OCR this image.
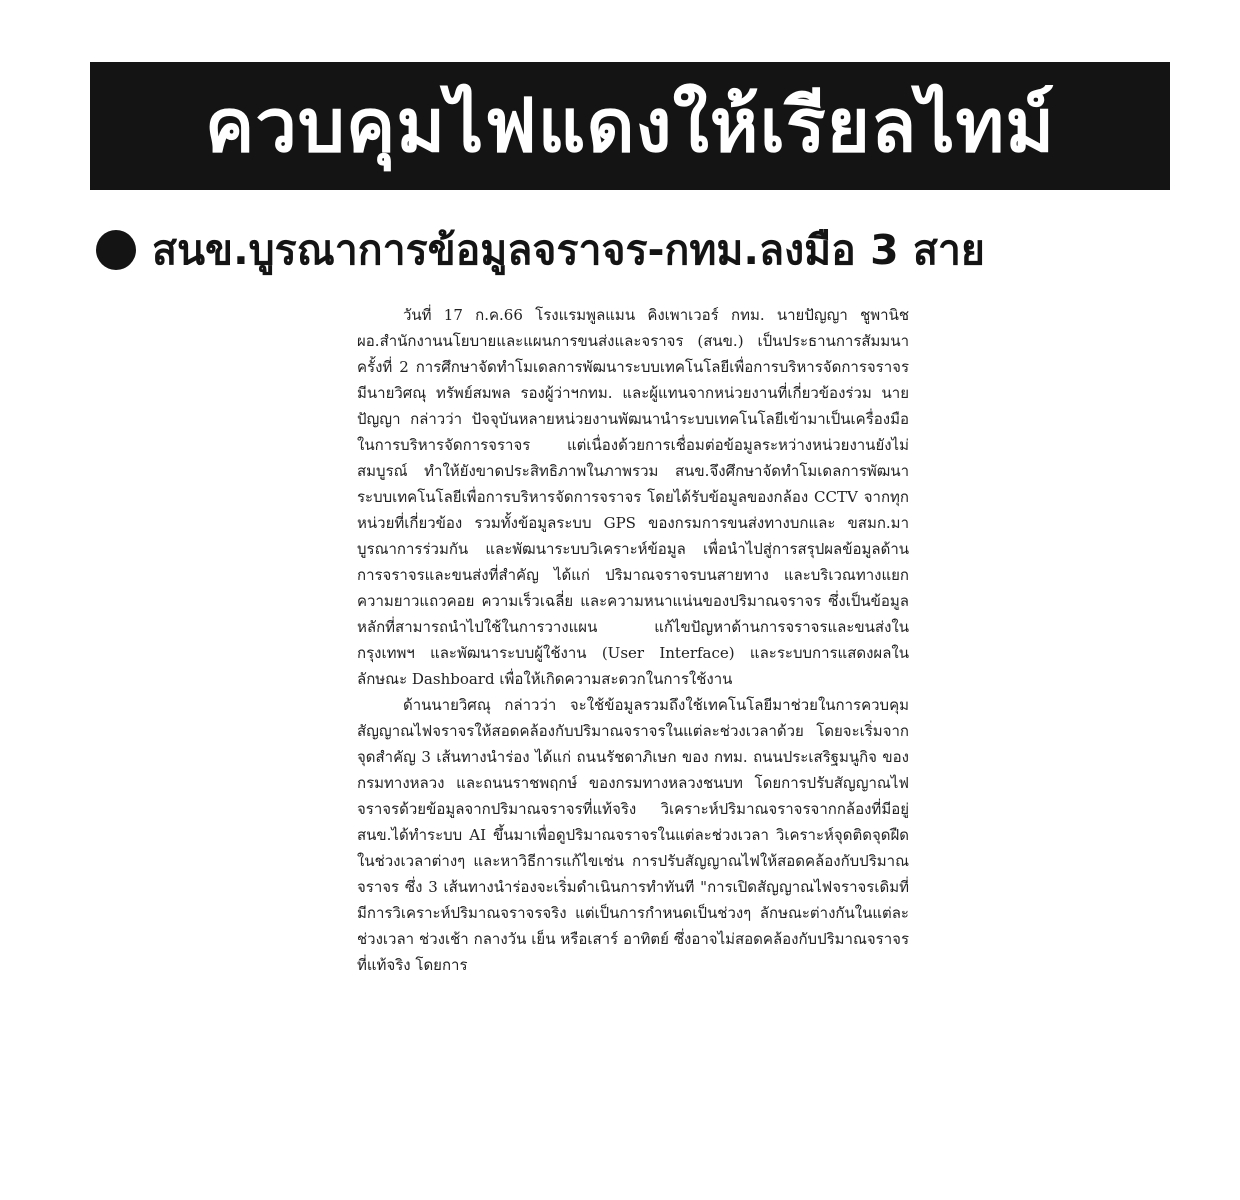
ควบคุมไฟแดงให้เรียลไทม์
สนข.บูรณาการข้อมูลจราจร-กทม.ลงมือ 3 สาย

วันที่ 17 ก.ค.66 โรงแรมพูลแมน คิงเพาเวอร์ กทม. นายปัญญา ชูพานิช ผอ.สำนักงานนโยบายและแผนการขนส่งและจราจร (สนข.) เป็นประธานการสัมมนาครั้งที่ 2 การศึกษาจัดทำโมเดลการพัฒนาระบบเทคโนโลยีเพื่อการบริหารจัดการจราจร มีนายวิศณุ ทรัพย์สมพล รองผู้ว่าฯกทม. และผู้แทนจากหน่วยงานที่เกี่ยวข้องร่วม นายปัญญา กล่าวว่า ปัจจุบันหลายหน่วยงานพัฒนานำระบบเทคโนโลยีเข้ามาเป็นเครื่องมือในการบริหารจัดการจราจร แต่เนื่องด้วยการเชื่อมต่อข้อมูลระหว่างหน่วยงานยังไม่สมบูรณ์ ทำให้ยังขาดประสิทธิภาพในภาพรวม สนข.จึงศึกษาจัดทำโมเดลการพัฒนาระบบเทคโนโลยีเพื่อการบริหารจัดการจราจร โดยได้รับข้อมูลของกล้อง CCTV จากทุกหน่วยที่เกี่ยวข้อง รวมทั้งข้อมูลระบบ GPS ของกรมการขนส่งทางบกและ ขสมก.มาบูรณาการร่วมกัน และพัฒนาระบบวิเคราะห์ข้อมูล เพื่อนำไปสู่การสรุปผลข้อมูลด้านการจราจรและขนส่งที่สำคัญ ได้แก่ ปริมาณจราจรบนสายทาง และบริเวณทางแยกความยาวแถวคอย ความเร็วเฉลี่ย และความหนาแน่นของปริมาณจราจร ซึ่งเป็นข้อมูลหลักที่สามารถนำไปใช้ในการวางแผน แก้ไขปัญหาด้านการจราจรและขนส่งในกรุงเทพฯ และพัฒนาระบบผู้ใช้งาน (User Interface) และระบบการแสดงผลในลักษณะ Dashboard เพื่อให้เกิดความสะดวกในการใช้งาน

ด้านนายวิศณุ กล่าวว่า จะใช้ข้อมูลรวมถึงใช้เทคโนโลยีมาช่วยในการควบคุมสัญญาณไฟจราจรให้สอดคล้องกับปริมาณจราจรในแต่ละช่วงเวลาด้วย โดยจะเริ่มจากจุดสำคัญ 3 เส้นทางนำร่อง ได้แก่ ถนนรัชดาภิเษก ของ กทม. ถนนประเสริฐมนูกิจ ของกรมทางหลวง และถนนราชพฤกษ์ ของกรมทางหลวงชนบท โดยการปรับสัญญาณไฟจราจรด้วยข้อมูลจากปริมาณจราจรที่แท้จริง วิเคราะห์ปริมาณจราจรจากกล้องที่มีอยู่ สนข.ได้ทำระบบ AI ขึ้นมาเพื่อดูปริมาณจราจรในแต่ละช่วงเวลา วิเคราะห์จุดติดจุดฝืดในช่วงเวลาต่างๆ และหาวิธีการแก้ไขเช่น การปรับสัญญาณไฟให้สอดคล้องกับปริมาณจราจร ซึ่ง 3 เส้นทางนำร่องจะเริ่มดำเนินการทำทันที "การเปิดสัญญาณไฟจราจรเดิมที่มีการวิเคราะห์ปริมาณจราจรจริง แต่เป็นการกำหนดเป็นช่วงๆ ลักษณะต่างกันในแต่ละช่วงเวลา ช่วงเช้า กลางวัน เย็น หรือเสาร์ อาทิตย์ ซึ่งอาจไม่สอดคล้องกับปริมาณจราจรที่แท้จริง โดยการ
